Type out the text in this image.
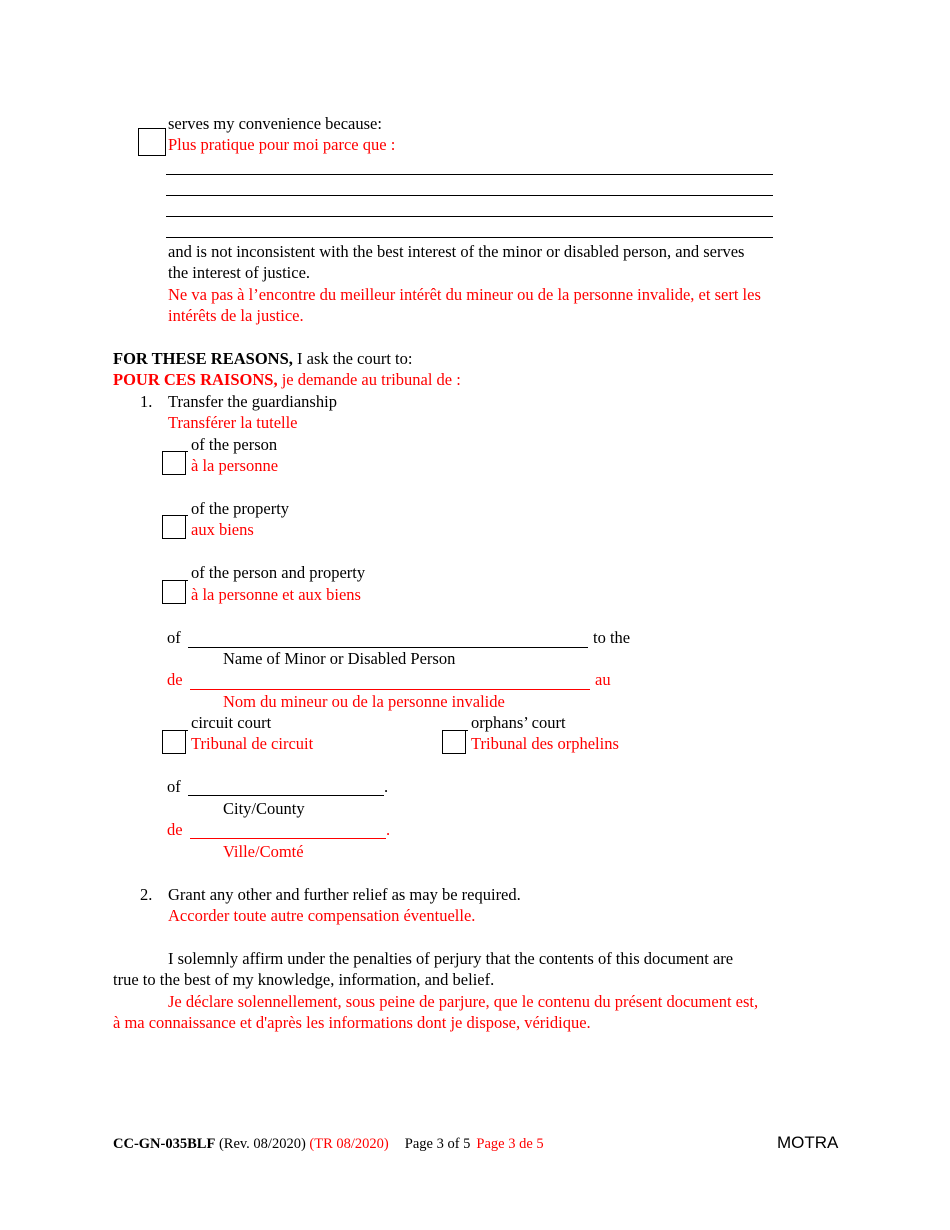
serves my convenience because:
Plus pratique pour moi parce que :
and is not inconsistent with the best interest of the minor or disabled person, and serves
the interest of justice.
Ne va pas à l’encontre du meilleur intérêt du mineur ou de la personne invalide, et sert les
intérêts de la justice.
FOR THESE REASONS, I ask the court to:
POUR CES RAISONS, je demande au tribunal de :
1. Transfer the guardianship
Transférer la tutelle
of the person
à la personne
of the property
aux biens
of the person and property
à la personne et aux biens
of	to the
Name of Minor or Disabled Person
de	au
Nom du mineur ou de la personne invalide
circuit court
Tribunal de circuit
orphans’ court
Tribunal des orphelins
of	.
City/County
de	.
Ville/Comté
2. Grant any other and further relief as may be required.
Accorder toute autre compensation éventuelle.
I solemnly affirm under the penalties of perjury that the contents of this document are
true to the best of my knowledge, information, and belief.
Je déclare solennellement, sous peine de parjure, que le contenu du présent document est,
à ma connaissance et d'après les informations dont je dispose, véridique.
CC-GN-035BLF (Rev. 08/2020) (TR 08/2020) Page 3 of 5 Page 3 de 5	MOTRA
